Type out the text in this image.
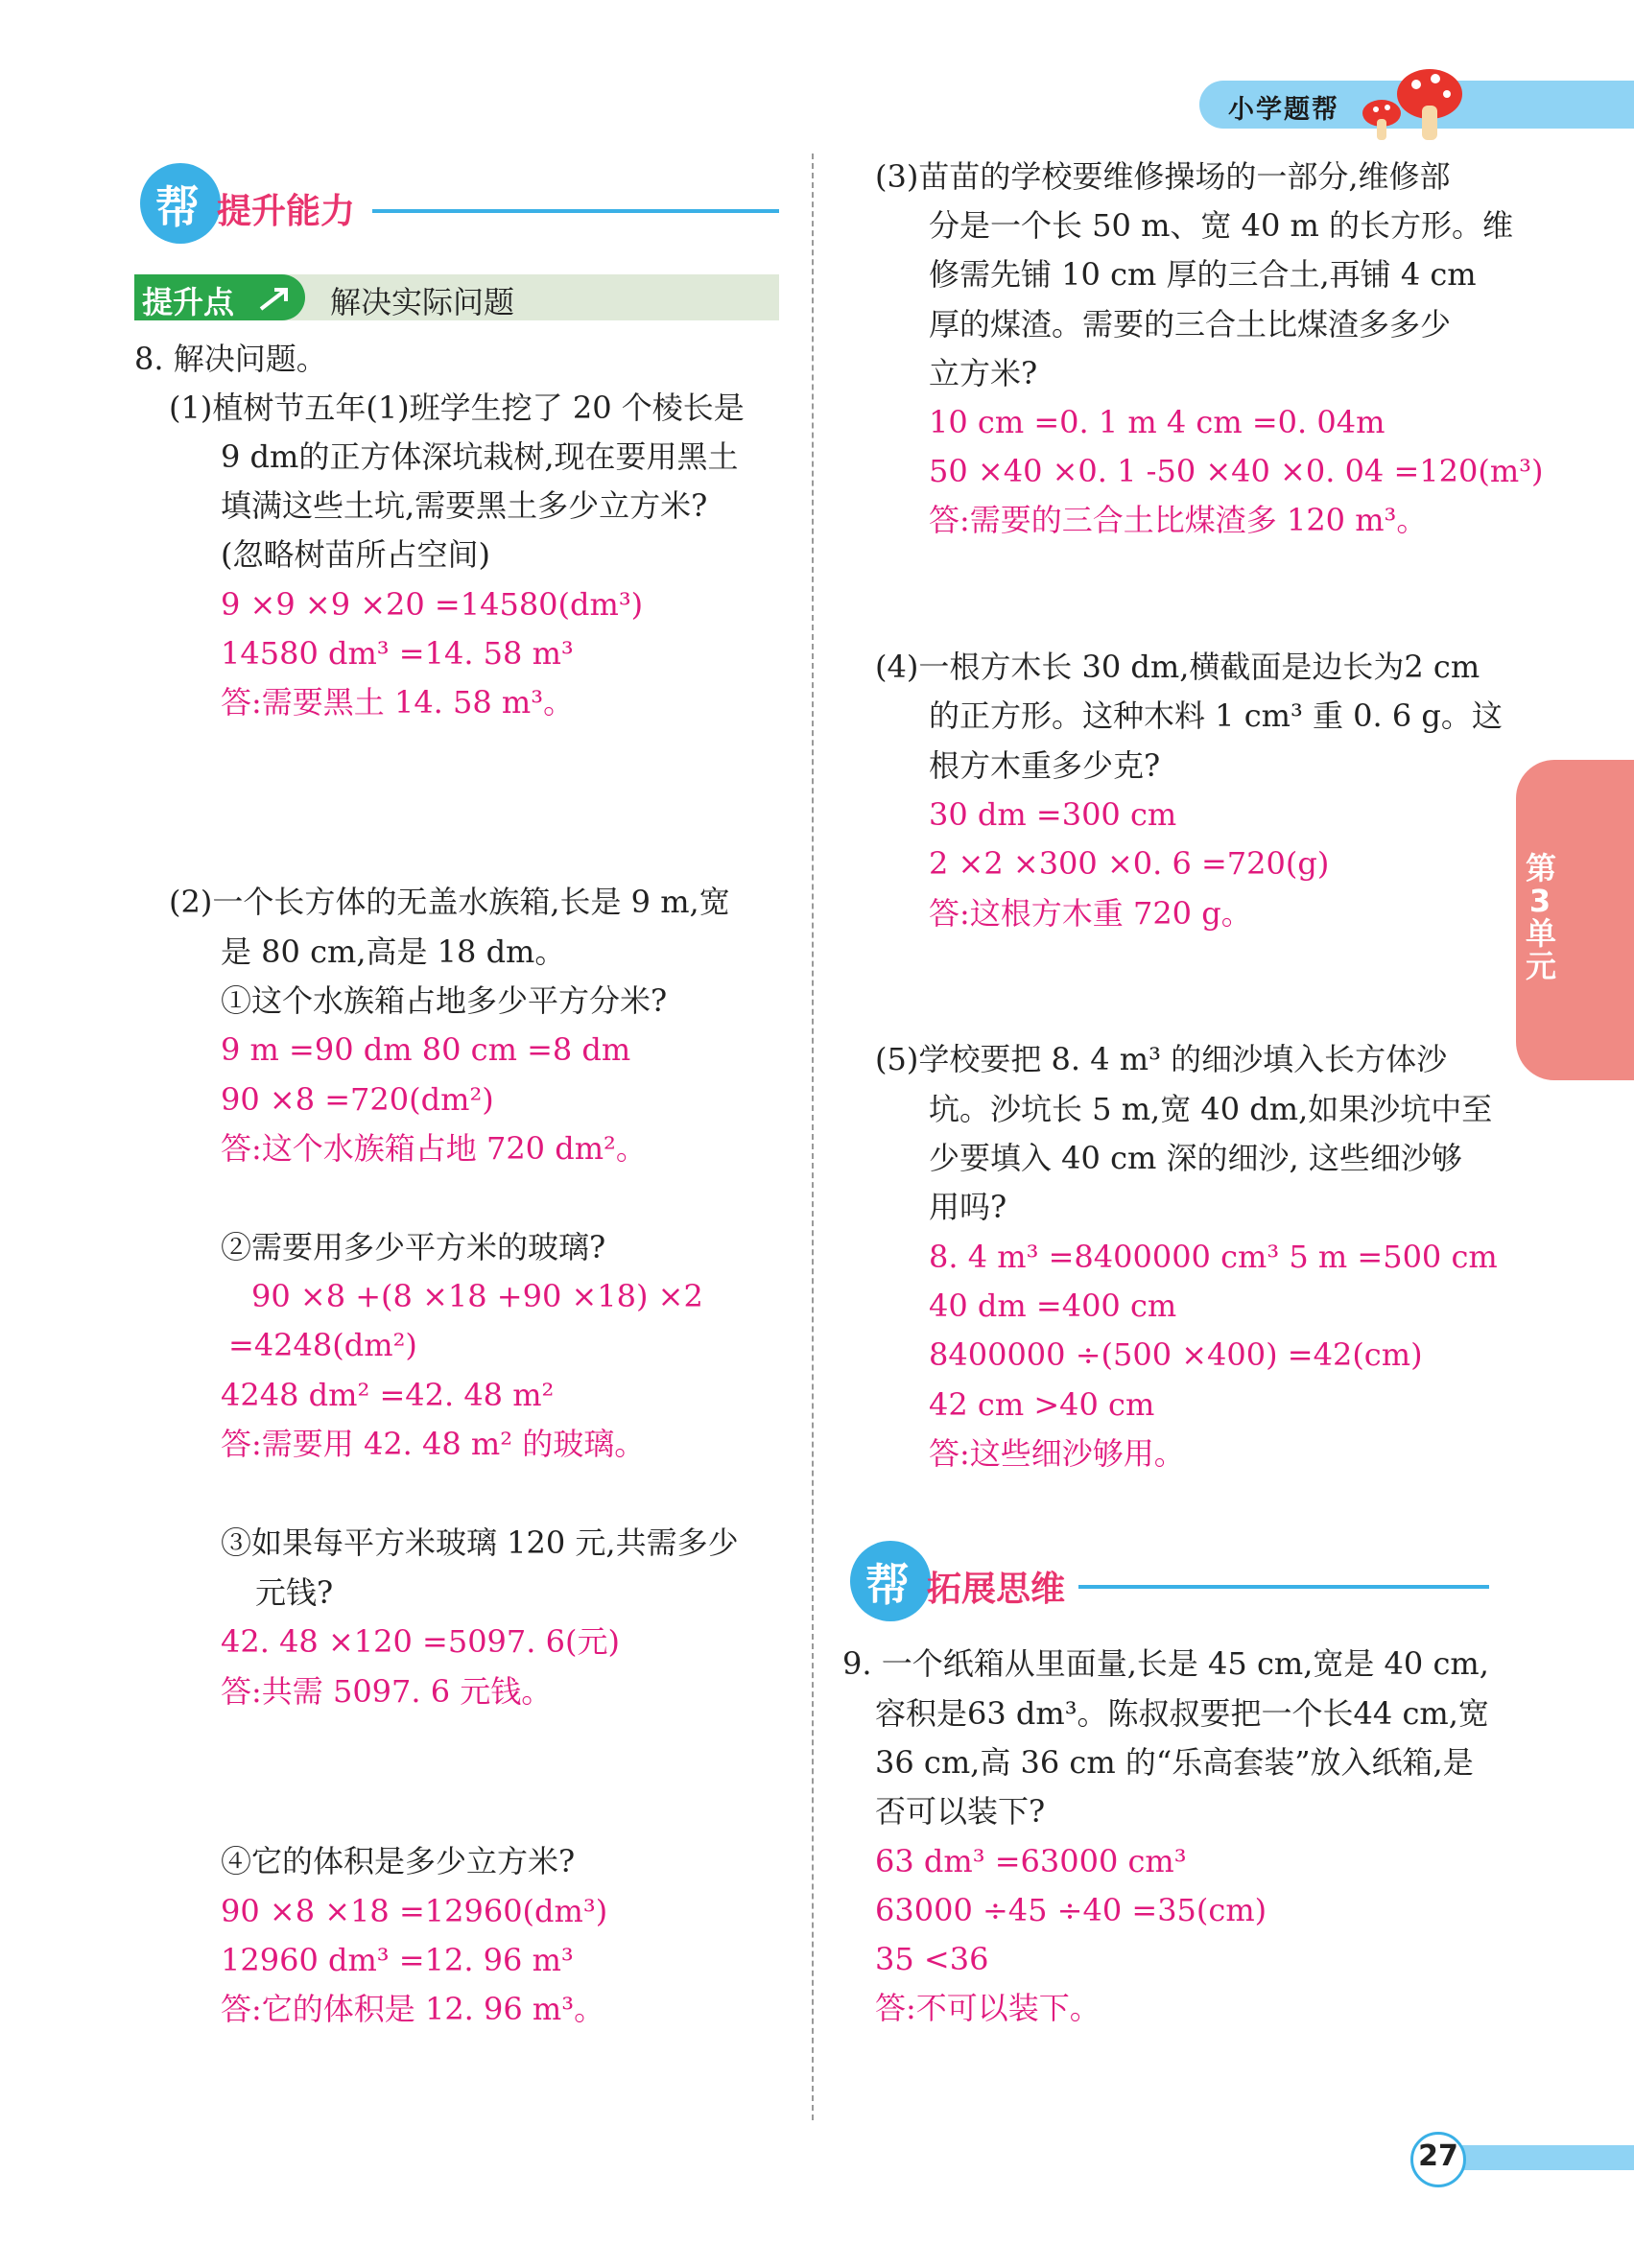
小学题帮
帮 提升能力
提升点	解决实际问题
8. 解决问题。
(1)植树节五年(1)班学生挖了 20 个棱长是
9 dm的正方体深坑栽树,现在要用黑土
填满这些土坑,需要黑土多少立方米?
(忽略树苗所占空间)
9 ×9 ×9 ×20 =14580(dm³)
14580 dm³ =14. 58 m³
答:需要黑土 14. 58 m³。
(2)一个长方体的无盖水族箱,长是 9 m,宽
是 80 cm,高是 18 dm。
①这个水族箱占地多少平方分米?
9 m =90 dm 80 cm =8 dm
90 ×8 =720(dm²)
答:这个水族箱占地 720 dm²。
②需要用多少平方米的玻璃?
90 ×8 +(8 ×18 +90 ×18) ×2
=4248(dm²)
4248 dm² =42. 48 m²
答:需要用 42. 48 m² 的玻璃。
③如果每平方米玻璃 120 元,共需多少
元钱?
42. 48 ×120 =5097. 6(元)
答:共需 5097. 6 元钱。
④它的体积是多少立方米?
90 ×8 ×18 =12960(dm³)
12960 dm³ =12. 96 m³
答:它的体积是 12. 96 m³。
(3)苗苗的学校要维修操场的一部分,维修部
分是一个长 50 m、宽 40 m 的长方形。维
修需先铺 10 cm 厚的三合土,再铺 4 cm
厚的煤渣。需要的三合土比煤渣多多少
立方米?
10 cm =0. 1 m 4 cm =0. 04m
50 ×40 ×0. 1 -50 ×40 ×0. 04 =120(m³)
答:需要的三合土比煤渣多 120 m³。
(4)一根方木长 30 dm,横截面是边长为2 cm
的正方形。这种木料 1 cm³ 重 0. 6 g。这
根方木重多少克?
30 dm =300 cm
2 ×2 ×300 ×0. 6 =720(g)
答:这根方木重 720 g。
(5)学校要把 8. 4 m³ 的细沙填入长方体沙
坑。沙坑长 5 m,宽 40 dm,如果沙坑中至
少要填入 40 cm 深的细沙, 这些细沙够
用吗?
8. 4 m³ =8400000 cm³ 5 m =500 cm
40 dm =400 cm
8400000 ÷(500 ×400) =42(cm)
42 cm >40 cm
答:这些细沙够用。
9. 一个纸箱从里面量,长是 45 cm,宽是 40 cm,
容积是63 dm³。陈叔叔要把一个长44 cm,宽
36 cm,高 36 cm 的“乐高套装”放入纸箱,是
否可以装下?
63 dm³ =63000 cm³
63000 ÷45 ÷40 =35(cm)
35 <36
答:不可以装下。
帮 拓展思维
第
3
单
元
27
